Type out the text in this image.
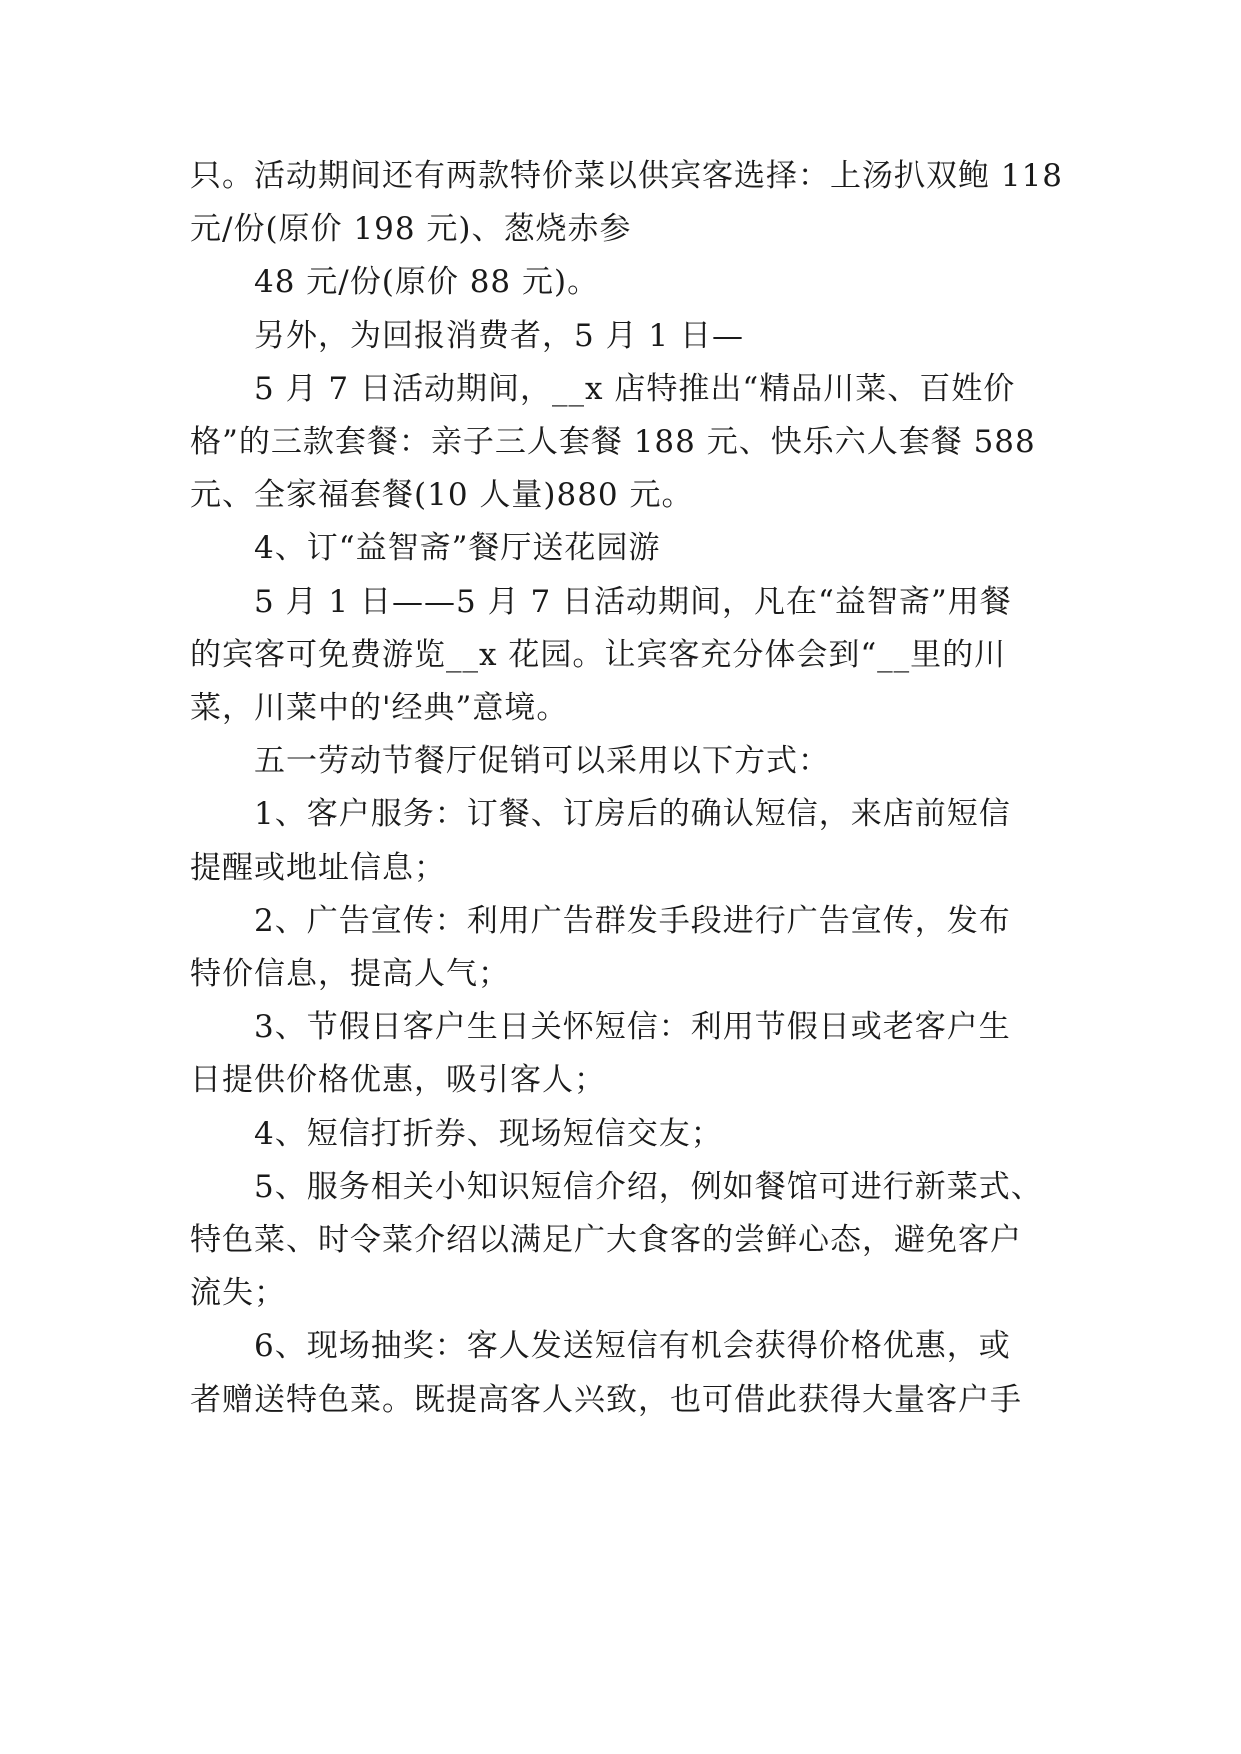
只。活动期间还有两款特价菜以供宾客选择：上汤扒双鲍 118
元/份(原价 198 元)、葱烧赤参
48 元/份(原价 88 元)。
另外，为回报消费者，5 月 1 日—
5 月 7 日活动期间，__x 店特推出“精品川菜、百姓价
格”的三款套餐：亲子三人套餐 188 元、快乐六人套餐 588
元、全家福套餐(10 人量)880 元。
4、订“益智斋”餐厅送花园游
5 月 1 日——5 月 7 日活动期间，凡在“益智斋”用餐
的宾客可免费游览__x 花园。让宾客充分体会到“__里的川
菜，川菜中的'经典”意境。
五一劳动节餐厅促销可以采用以下方式：
1、客户服务：订餐、订房后的确认短信，来店前短信
提醒或地址信息；
2、广告宣传：利用广告群发手段进行广告宣传，发布
特价信息，提高人气；
3、节假日客户生日关怀短信：利用节假日或老客户生
日提供价格优惠，吸引客人；
4、短信打折券、现场短信交友；
5、服务相关小知识短信介绍，例如餐馆可进行新菜式、
特色菜、时令菜介绍以满足广大食客的尝鲜心态，避免客户
流失；
6、现场抽奖：客人发送短信有机会获得价格优惠，或
者赠送特色菜。既提高客人兴致，也可借此获得大量客户手
